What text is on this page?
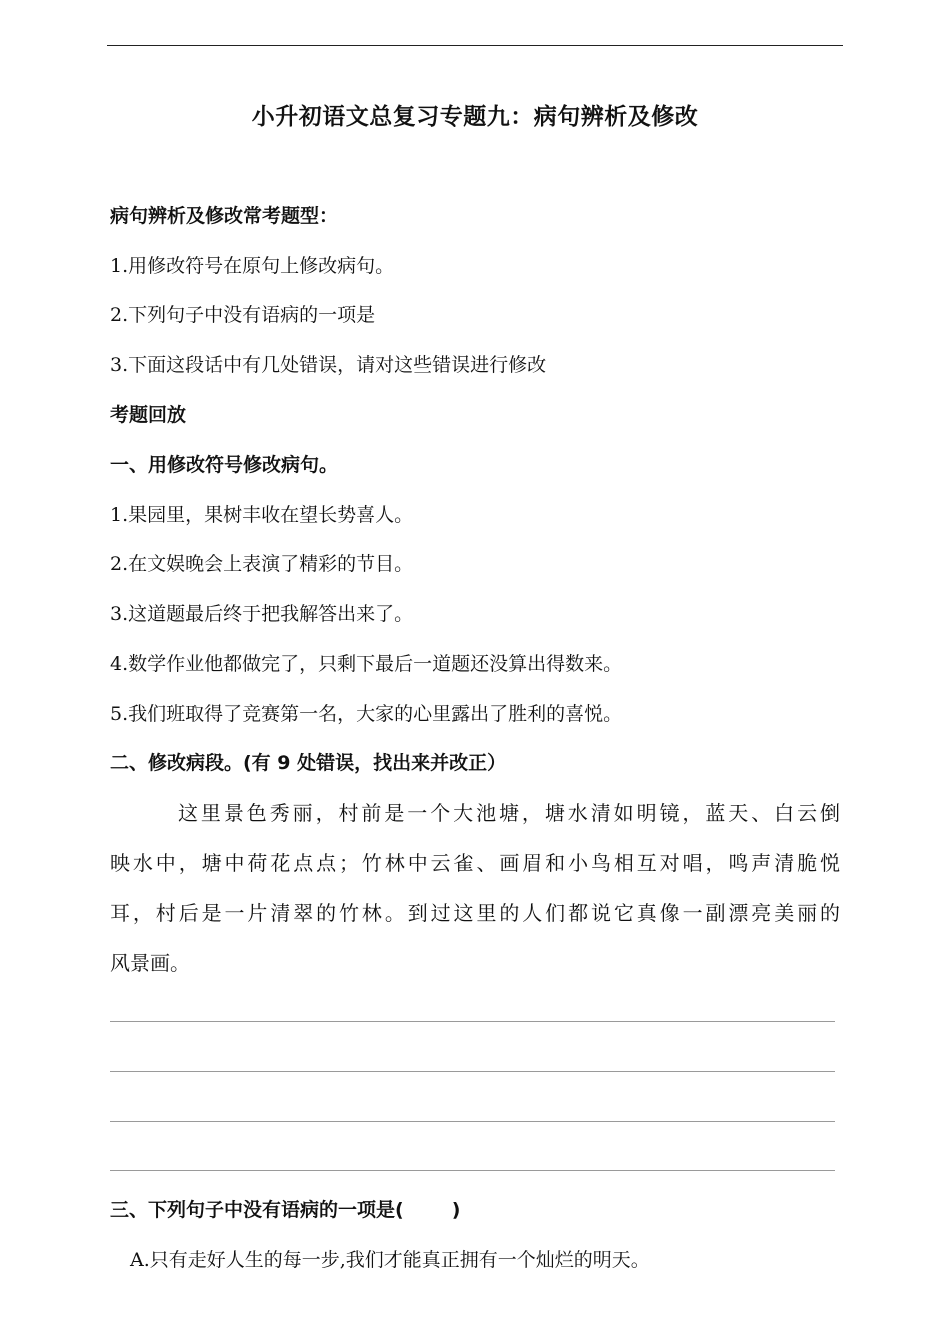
小升初语文总复习专题九：病句辨析及修改
病句辨析及修改常考题型：
1.用修改符号在原句上修改病句。
2.下列句子中没有语病的一项是
3.下面这段话中有几处错误，请对这些错误进行修改
考题回放
一、用修改符号修改病句。
1.果园里，果树丰收在望长势喜人。
2.在文娱晚会上表演了精彩的节目。
3.这道题最后终于把我解答出来了。
4.数学作业他都做完了，只剩下最后一道题还没算出得数来。
5.我们班取得了竞赛第一名，大家的心里露出了胜利的喜悦。
二、修改病段。(有 9 处错误，找出来并改正）
这里景色秀丽，村前是一个大池塘，塘水清如明镜，蓝天、白云倒
映水中，塘中荷花点点；竹林中云雀、画眉和小鸟相互对唱，鸣声清脆悦
耳，村后是一片清翠的竹林。到过这里的人们都说它真像一副漂亮美丽的
风景画。
三、下列句子中没有语病的一项是(	)
A.只有走好人生的每一步,我们才能真正拥有一个灿烂的明天。
